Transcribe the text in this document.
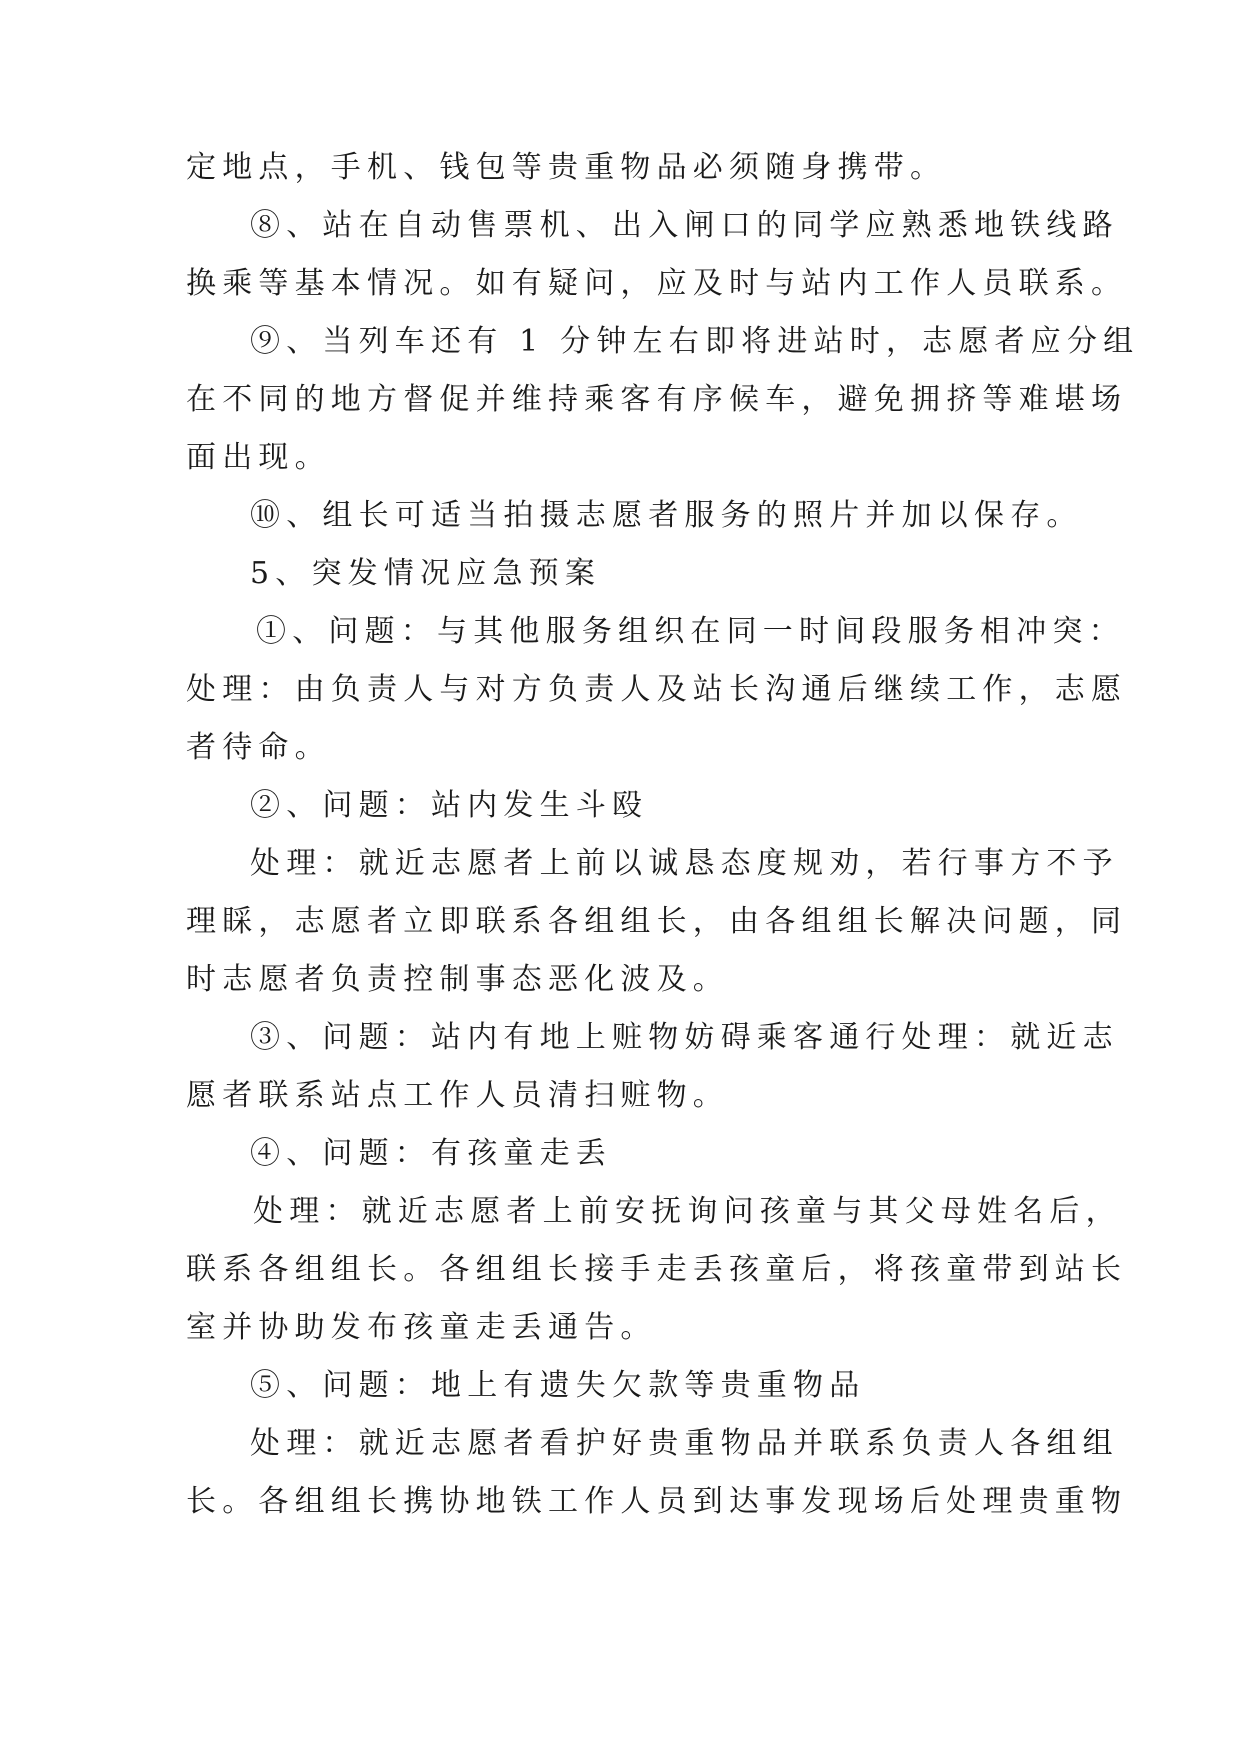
定地点，手机、钱包等贵重物品必须随身携带。

⑧、站在自动售票机、出入闸口的同学应熟悉地铁线路

换乘等基本情况。如有疑问，应及时与站内工作人员联系。

⑨、当列车还有 1 分钟左右即将进站时，志愿者应分组

在不同的地方督促并维持乘客有序候车，避免拥挤等难堪场

面出现。

⑩、组长可适当拍摄志愿者服务的照片并加以保存。

5、突发情况应急预案

①、问题：与其他服务组织在同一时间段服务相冲突：

处理：由负责人与对方负责人及站长沟通后继续工作，志愿

者待命。

②、问题：站内发生斗殴

处理：就近志愿者上前以诚恳态度规劝，若行事方不予

理睬，志愿者立即联系各组组长，由各组组长解决问题，同

时志愿者负责控制事态恶化波及。

③、问题：站内有地上赃物妨碍乘客通行处理：就近志

愿者联系站点工作人员清扫赃物。

④、问题：有孩童走丢

处理：就近志愿者上前安抚询问孩童与其父母姓名后，

联系各组组长。各组组长接手走丢孩童后，将孩童带到站长

室并协助发布孩童走丢通告。

⑤、问题：地上有遗失欠款等贵重物品

处理：就近志愿者看护好贵重物品并联系负责人各组组

长。各组组长携协地铁工作人员到达事发现场后处理贵重物
